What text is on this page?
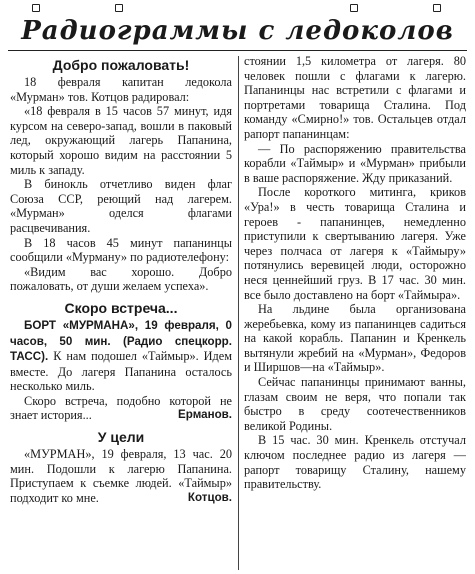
Радиограммы с ледоколов
Добро пожаловать!

18 февраля капитан ледокола «Мурман» тов. Котцов радировал:

«18 февраля в 15 часов 57 минут, идя курсом на северо-запад, вошли в паковый лед, окружающий лагерь Папанина, который хорошо видим на расстоянии 5 миль к западу.

В бинокль отчетливо виден флаг Союза ССР, реющий над лагерем. «Мурман» оделся флагами расцвечивания.

В 18 часов 45 минут папанинцы сообщили «Мурману» по радиотелефону:

«Видим вас хорошо. Добро пожаловать, от души желаем успеха».

Скоро встреча...

БОРТ «МУРМАНА», 19 февраля, 0 часов, 50 мин. (Радио спецкорр. ТАСС). К нам подошел «Таймыр». Идем вместе. До лагеря Папанина осталось несколько миль.

Скоро встреча, подобно которой не знает история...	Ерманов.

У цели

«МУРМАН», 19 февраля, 13 час. 20 мин. Подошли к лагерю Папанина. Приступаем к съемке людей. «Таймыр» подходит ко мне.	Котцов.

стоянии 1,5 километра от лагеря. 80 человек пошли с флагами к лагерю. Папанинцы нас встретили с флагами и портретами товарища Сталина. Под команду «Смирно!» тов. Остальцев отдал рапорт папанинцам:

— По распоряжению правительства корабли «Таймыр» и «Мурман» прибыли в ваше распоряжение. Жду приказаний.

После короткого митинга, криков «Ура!» в честь товарища Сталина и героев - папанинцев, немедленно приступили к свертыванию лагеря. Уже через полчаса от лагеря к «Таймыру» потянулись веревицей люди, осторожно неся ценнейший груз. В 17 час. 30 мин. все было доставлено на борт «Таймыра».

На льдине была организована жеребьевка, кому из папанинцев садиться на какой корабль. Папанин и Кренкель вытянули жребий на «Мурман», Федоров и Ширшов—на «Таймыр».

Сейчас папанинцы принимают ванны, глазам своим не веря, что попали так быстро в среду соотечественников великой Родины.

В 15 час. 30 мин. Кренкель отстучал ключом последнее радио из лагеря — рапорт товарищу Сталину, нашему правительству.
